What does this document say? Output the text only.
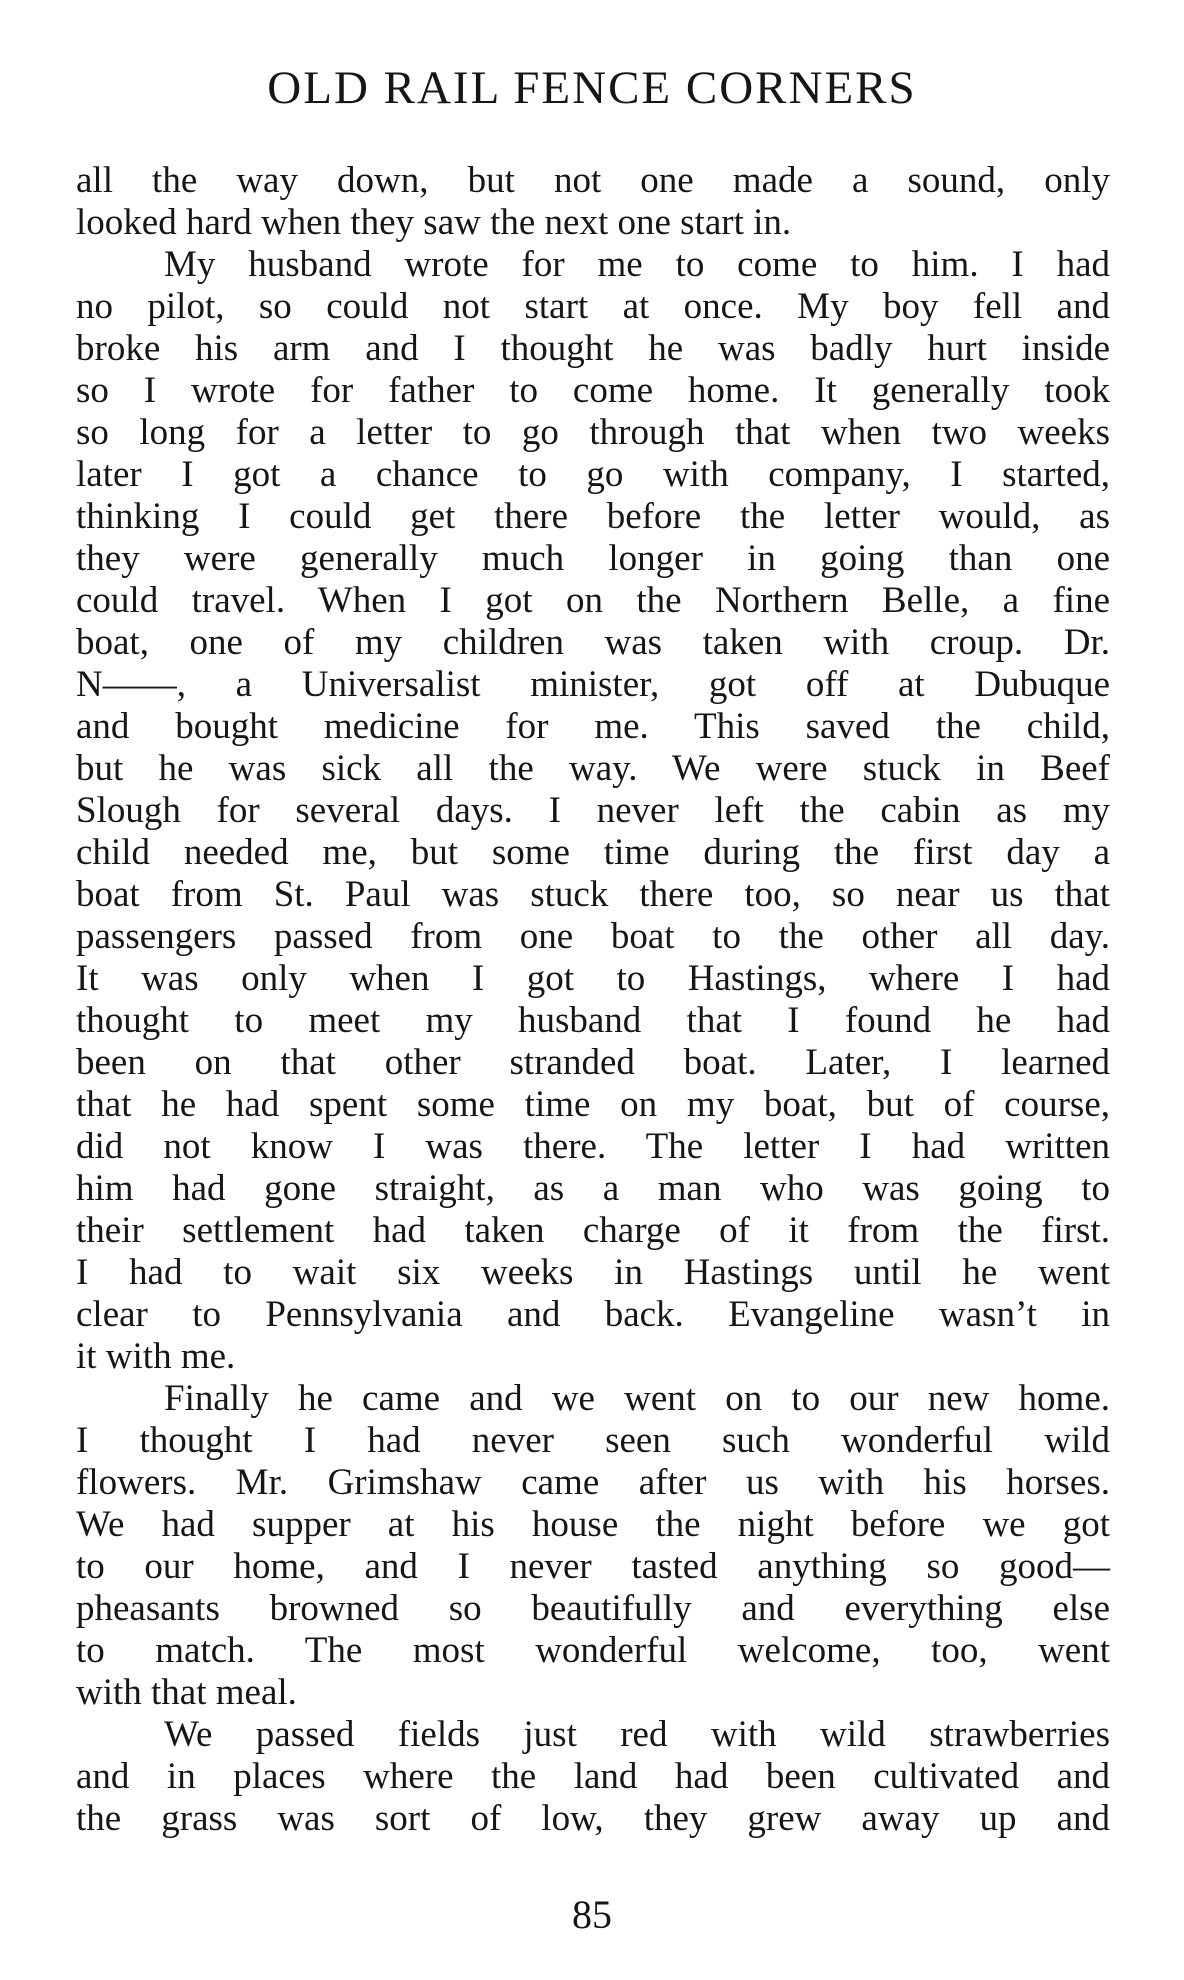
OLD RAIL FENCE CORNERS
all the way down, but not one made a sound, only
looked hard when they saw the next one start in.
My husband wrote for me to come to him. I had
no pilot, so could not start at once. My boy fell and
broke his arm and I thought he was badly hurt inside
so I wrote for father to come home. It generally took
so long for a letter to go through that when two weeks
later I got a chance to go with company, I started,
thinking I could get there before the letter would, as
they were generally much longer in going than one
could travel. When I got on the Northern Belle, a fine
boat, one of my children was taken with croup. Dr.
N——, a Universalist minister, got off at Dubuque
and bought medicine for me. This saved the child,
but he was sick all the way. We were stuck in Beef
Slough for several days. I never left the cabin as my
child needed me, but some time during the first day a
boat from St. Paul was stuck there too, so near us that
passengers passed from one boat to the other all day.
It was only when I got to Hastings, where I had
thought to meet my husband that I found he had
been on that other stranded boat. Later, I learned
that he had spent some time on my boat, but of course,
did not know I was there. The letter I had written
him had gone straight, as a man who was going to
their settlement had taken charge of it from the first.
I had to wait six weeks in Hastings until he went
clear to Pennsylvania and back. Evangeline wasn’t in
it with me.
Finally he came and we went on to our new home.
I thought I had never seen such wonderful wild
flowers. Mr. Grimshaw came after us with his horses.
We had supper at his house the night before we got
to our home, and I never tasted anything so good—
pheasants browned so beautifully and everything else
to match. The most wonderful welcome, too, went
with that meal.
We passed fields just red with wild strawberries
and in places where the land had been cultivated and
the grass was sort of low, they grew away up and
85
